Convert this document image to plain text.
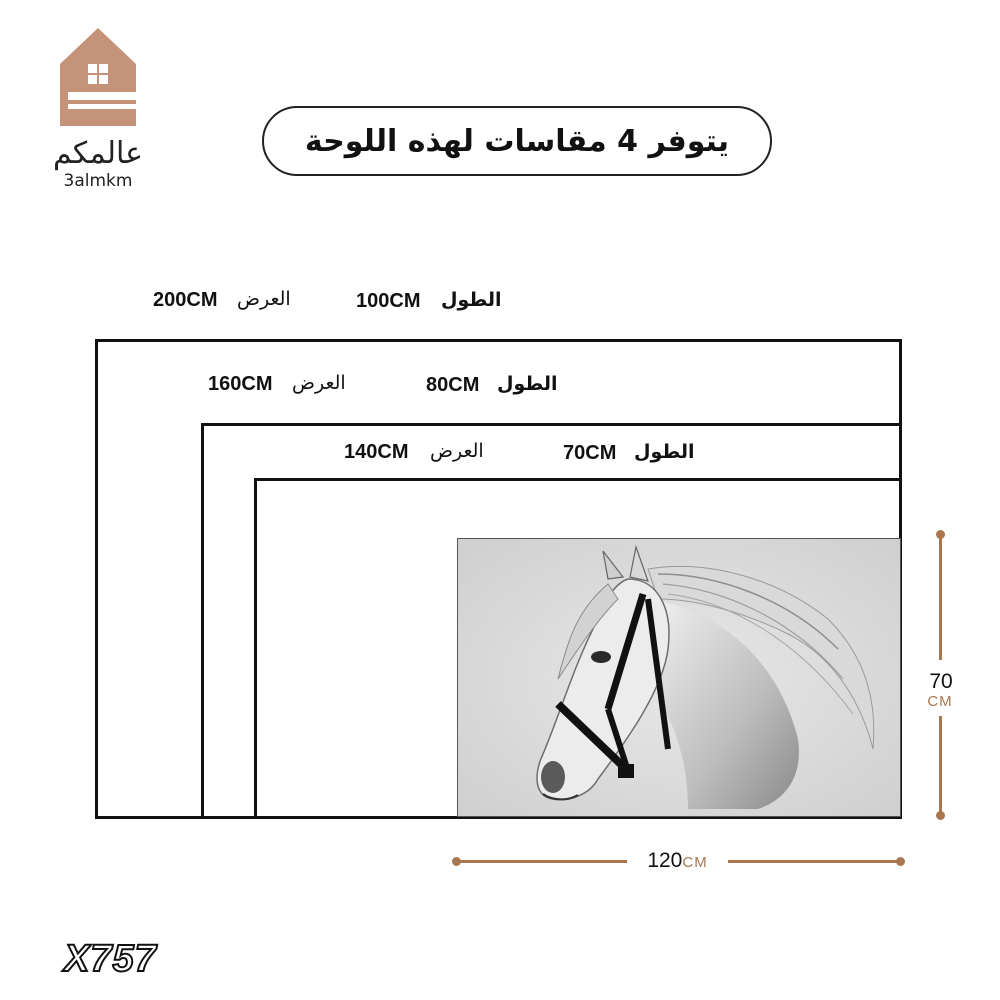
عالمكم
3almkm
يتوفر 4 مقاسات لهذه اللوحة
200CM العرض	100CM الطول
160CM العرض	80CM الطول
140CM العرض	70CM الطول
70
CM
120CM
X757
